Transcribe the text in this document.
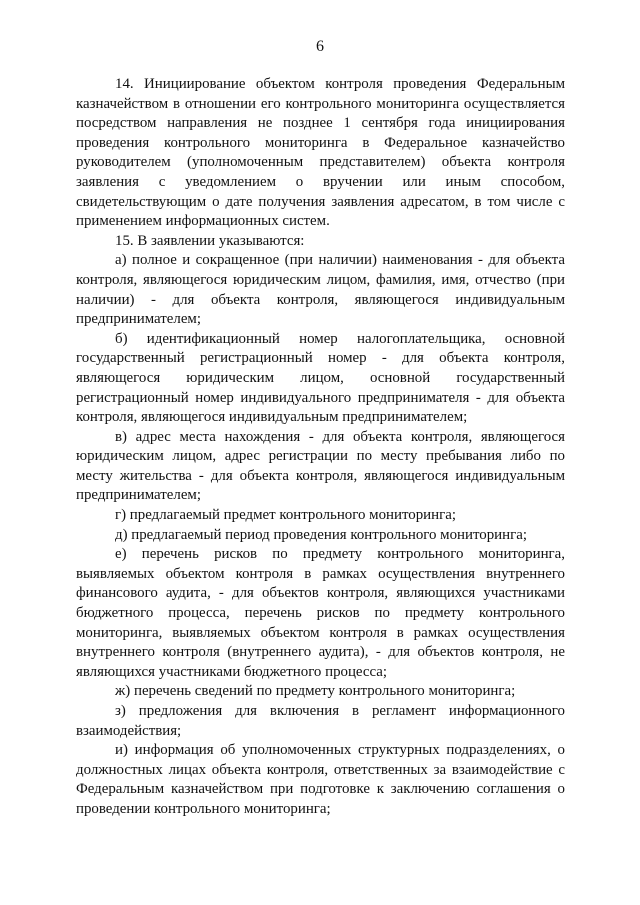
6

14. Инициирование объектом контроля проведения Федеральным казначейством в отношении его контрольного мониторинга осуществляется посредством направления не позднее 1 сентября года инициирования проведения контрольного мониторинга в Федеральное казначейство руководителем (уполномоченным представителем) объекта контроля заявления с уведомлением о вручении или иным способом, свидетельствующим о дате получения заявления адресатом, в том числе с применением информационных систем.

15. В заявлении указываются:

а) полное и сокращенное (при наличии) наименования - для объекта контроля, являющегося юридическим лицом, фамилия, имя, отчество (при наличии) - для объекта контроля, являющегося индивидуальным предпринимателем;

б) идентификационный номер налогоплательщика, основной государственный регистрационный номер - для объекта контроля, являющегося юридическим лицом, основной государственный регистрационный номер индивидуального предпринимателя - для объекта контроля, являющегося индивидуальным предпринимателем;

в) адрес места нахождения - для объекта контроля, являющегося юридическим лицом, адрес регистрации по месту пребывания либо по месту жительства - для объекта контроля, являющегося индивидуальным предпринимателем;

г) предлагаемый предмет контрольного мониторинга;

д) предлагаемый период проведения контрольного мониторинга;

е) перечень рисков по предмету контрольного мониторинга, выявляемых объектом контроля в рамках осуществления внутреннего финансового аудита, - для объектов контроля, являющихся участниками бюджетного процесса, перечень рисков по предмету контрольного мониторинга, выявляемых объектом контроля в рамках осуществления внутреннего контроля (внутреннего аудита), - для объектов контроля, не являющихся участниками бюджетного процесса;

ж) перечень сведений по предмету контрольного мониторинга;

з) предложения для включения в регламент информационного взаимодействия;

и) информация об уполномоченных структурных подразделениях, о должностных лицах объекта контроля, ответственных за взаимодействие с Федеральным казначейством при подготовке к заключению соглашения о проведении контрольного мониторинга;
